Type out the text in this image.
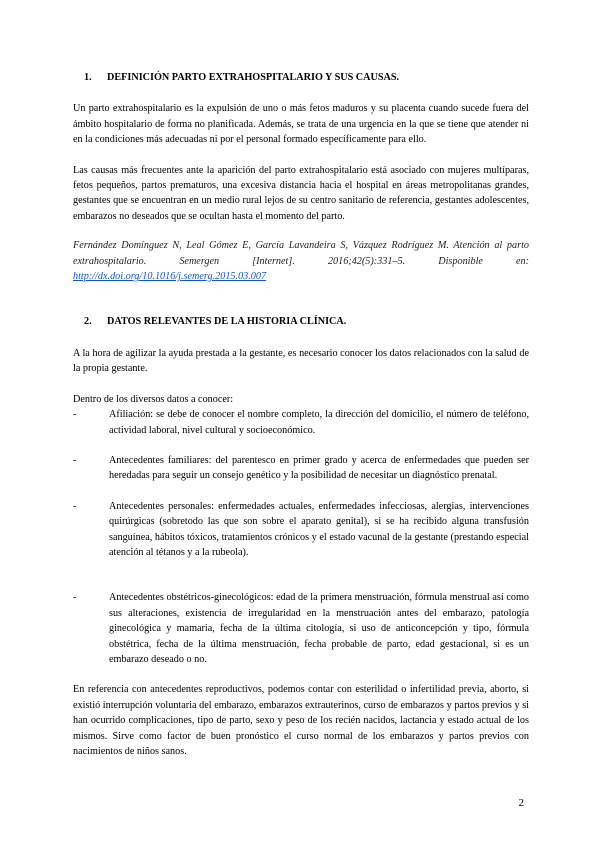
1.	DEFINICIÓN PARTO EXTRAHOSPITALARIO Y SUS CAUSAS.

Un parto extrahospitalario es la expulsión de uno o más fetos maduros y su placenta cuando sucede fuera del ámbito hospitalario de forma no planificada. Además, se trata de una urgencia en la que se tiene que atender ni en la condiciones más adecuadas ni por el personal formado específicamente para ello.

Las causas más frecuentes ante la aparición del parto extrahospitalario está asociado con mujeres multíparas, fetos pequeños, partos prematuros, una excesiva distancia hacia el hospital en áreas metropolitanas grandes, gestantes que se encuentran en un medio rural lejos de su centro sanitario de referencia, gestantes adolescentes, embarazos no deseados que se ocultan hasta el momento del parto.

Fernández Domínguez N, Leal Gómez E, García Lavandeira S, Vázquez Rodríguez M. Atención al parto extrahospitalario. Semergen [Internet]. 2016;42(5):331–5. Disponible en: http://dx.doi.org/10.1016/j.semerg.2015.03.007

2.	DATOS RELEVANTES DE LA HISTORIA CLÍNICA.

A la hora de agilizar la ayuda prestada a la gestante, es necesario conocer los datos relacionados con la salud de la propia gestante.

Dentro de los diversos datos a conocer:

-	Afiliación: se debe de conocer el nombre completo, la dirección del domicilio, el número de teléfono, actividad laboral, nivel cultural y socioeconómico.
-	Antecedentes familiares: del parentesco en primer grado y acerca de enfermedades que pueden ser heredadas para seguir un consejo genético y la posibilidad de necesitar un diagnóstico prenatal.
-	Antecedentes personales: enfermedades actuales, enfermedades infecciosas, alergias, intervenciones quirúrgicas (sobretodo las que son sobre el aparato genital), si se ha recibido alguna transfusión sanguínea, hábitos tóxicos, tratamientos crónicos y el estado vacunal de la gestante (prestando especial atención al tétanos y a la rubeola).
-	Antecedentes obstétricos-ginecológicos: edad de la primera menstruación, fórmula menstrual así como sus alteraciones, existencia de irregularidad en la menstruación antes del embarazo, patología ginecológica y mamaria, fecha de la última citología, si uso de anticoncepción y tipo, fórmula obstétrica, fecha de la última menstruación, fecha probable de parto, edad gestacional, si es un embarazo deseado o no.

En referencia con antecedentes reproductivos, podemos contar con esterilidad o infertilidad previa, aborto, si existió interrupción voluntaria del embarazo, embarazos extrauterinos, curso de embarazos y partos previos y si han ocurrido complicaciones, tipo de parto, sexo y peso de los recién nacidos, lactancia y estado actual de los mismos. Sirve como factor de buen pronóstico el curso normal de los embarazos y partos previos con nacimientos de niños sanos.

2
